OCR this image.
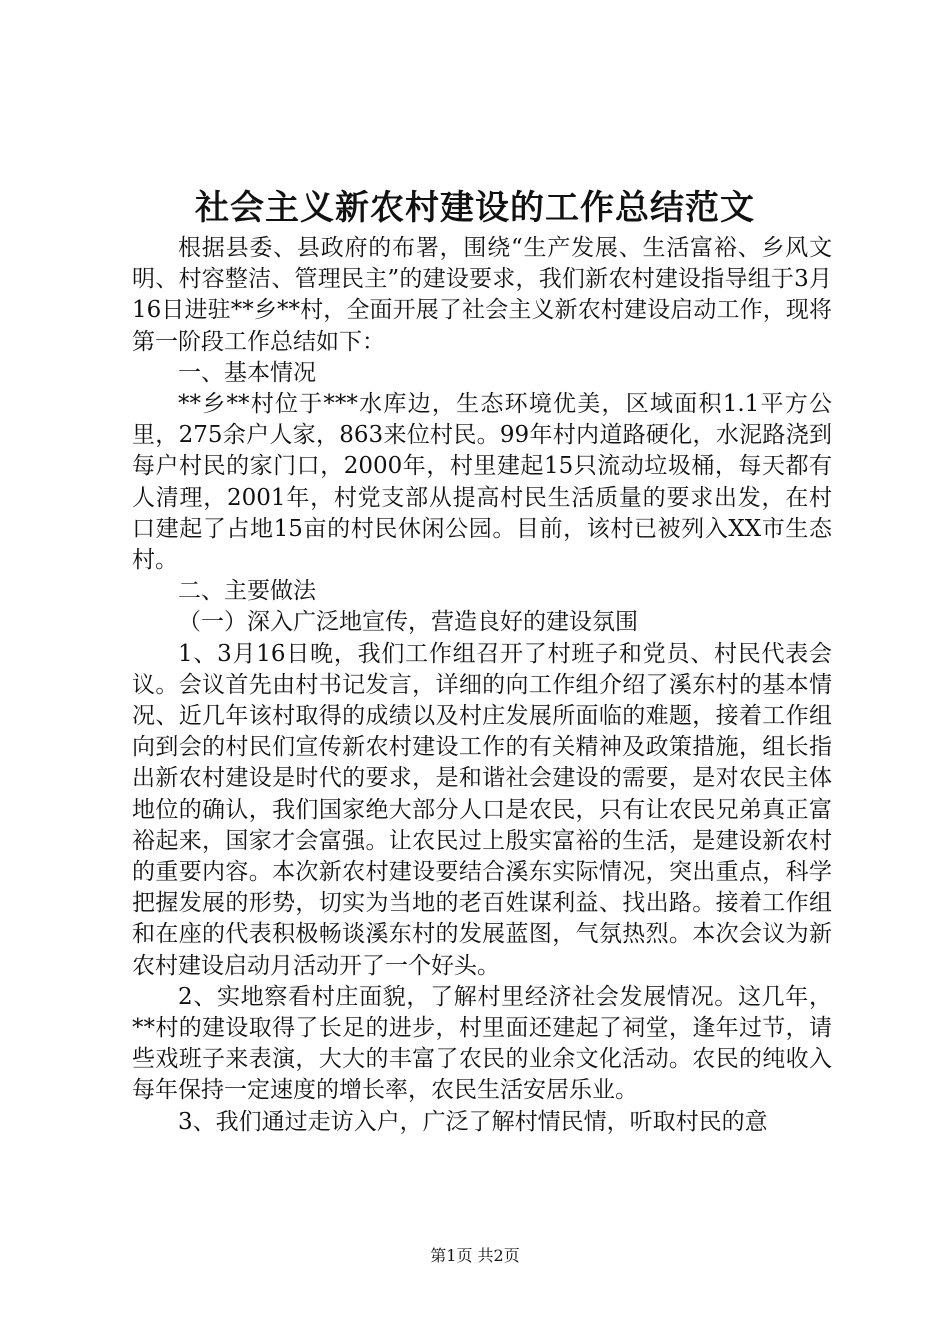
社会主义新农村建设的工作总结范文

根据县委、县政府的布署，围绕“生产发展、生活富裕、乡风文明、村容整洁、管理民主”的建设要求，我们新农村建设指导组于3月16日进驻**乡**村，全面开展了社会主义新农村建设启动工作，现将第一阶段工作总结如下：

一、基本情况

**乡**村位于***水库边，生态环境优美，区域面积1.1平方公里，275余户人家，863来位村民。99年村内道路硬化，水泥路浇到每户村民的家门口，2000年，村里建起15只流动垃圾桶，每天都有人清理，2001年，村党支部从提高村民生活质量的要求出发，在村口建起了占地15亩的村民休闲公园。目前，该村已被列入XX市生态村。

二、主要做法

（一）深入广泛地宣传，营造良好的建设氛围

1、3月16日晚，我们工作组召开了村班子和党员、村民代表会议。会议首先由村书记发言，详细的向工作组介绍了溪东村的基本情况、近几年该村取得的成绩以及村庄发展所面临的难题，接着工作组向到会的村民们宣传新农村建设工作的有关精神及政策措施，组长指出新农村建设是时代的要求，是和谐社会建设的需要，是对农民主体地位的确认，我们国家绝大部分人口是农民，只有让农民兄弟真正富裕起来，国家才会富强。让农民过上殷实富裕的生活，是建设新农村的重要内容。本次新农村建设要结合溪东实际情况，突出重点，科学把握发展的形势，切实为当地的老百姓谋利益、找出路。接着工作组和在座的代表积极畅谈溪东村的发展蓝图，气氛热烈。本次会议为新农村建设启动月活动开了一个好头。

2、实地察看村庄面貌，了解村里经济社会发展情况。这几年，**村的建设取得了长足的进步，村里面还建起了祠堂，逢年过节，请些戏班子来表演，大大的丰富了农民的业余文化活动。农民的纯收入每年保持一定速度的增长率，农民生活安居乐业。

3、我们通过走访入户，广泛了解村情民情，听取村民的意

第1页 共2页
